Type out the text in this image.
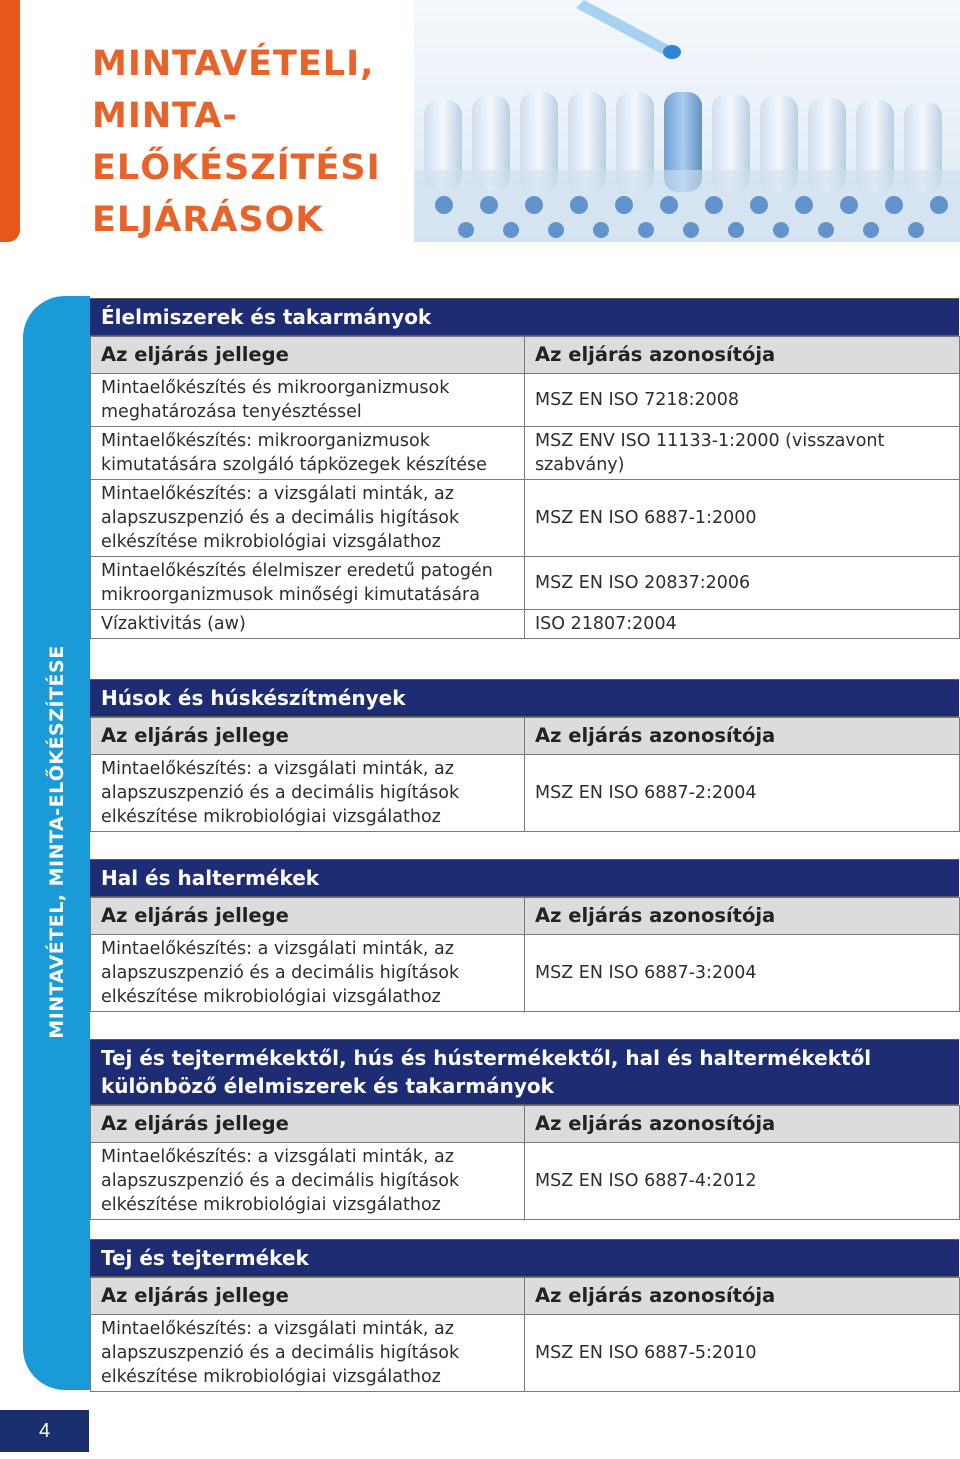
MINTAVÉTELI,
MINTA-
ELŐKÉSZÍTÉSI
ELJÁRÁSOK
MINTAVÉTEL, MINTA-ELŐKÉSZÍTÉSE
4
Élelmiszerek és takarmányok
Az eljárás jellege	Az eljárás azonosítója
Mintaelőkészítés és mikroorganizmusok meghatározása tenyésztéssel	MSZ EN ISO 7218:2008
Mintaelőkészítés: mikroorganizmusok kimutatására szolgáló tápközegek készítése	MSZ ENV ISO 11133-1:2000 (visszavont szabvány)
Mintaelőkészítés: a vizsgálati minták, az alapszuszpenzió és a decimális higítások elkészítése mikrobiológiai vizsgálathoz	MSZ EN ISO 6887-1:2000
Mintaelőkészítés élelmiszer eredetű patogén mikroorganizmusok minőségi kimutatására	MSZ EN ISO 20837:2006
Vízaktivitás (aw)	ISO 21807:2004
Húsok és húskészítmények
Az eljárás jellege	Az eljárás azonosítója
Mintaelőkészítés: a vizsgálati minták, az alapszuszpenzió és a decimális higítások elkészítése mikrobiológiai vizsgálathoz	MSZ EN ISO 6887-2:2004
Hal és haltermékek
Az eljárás jellege	Az eljárás azonosítója
Mintaelőkészítés: a vizsgálati minták, az alapszuszpenzió és a decimális higítások elkészítése mikrobiológiai vizsgálathoz	MSZ EN ISO 6887-3:2004
Tej és tejtermékektől, hús és hústermékektől, hal és haltermékektől különböző élelmiszerek és takarmányok
Az eljárás jellege	Az eljárás azonosítója
Mintaelőkészítés: a vizsgálati minták, az alapszuszpenzió és a decimális higítások elkészítése mikrobiológiai vizsgálathoz	MSZ EN ISO 6887-4:2012
Tej és tejtermékek
Az eljárás jellege	Az eljárás azonosítója
Mintaelőkészítés: a vizsgálati minták, az alapszuszpenzió és a decimális higítások elkészítése mikrobiológiai vizsgálathoz	MSZ EN ISO 6887-5:2010
